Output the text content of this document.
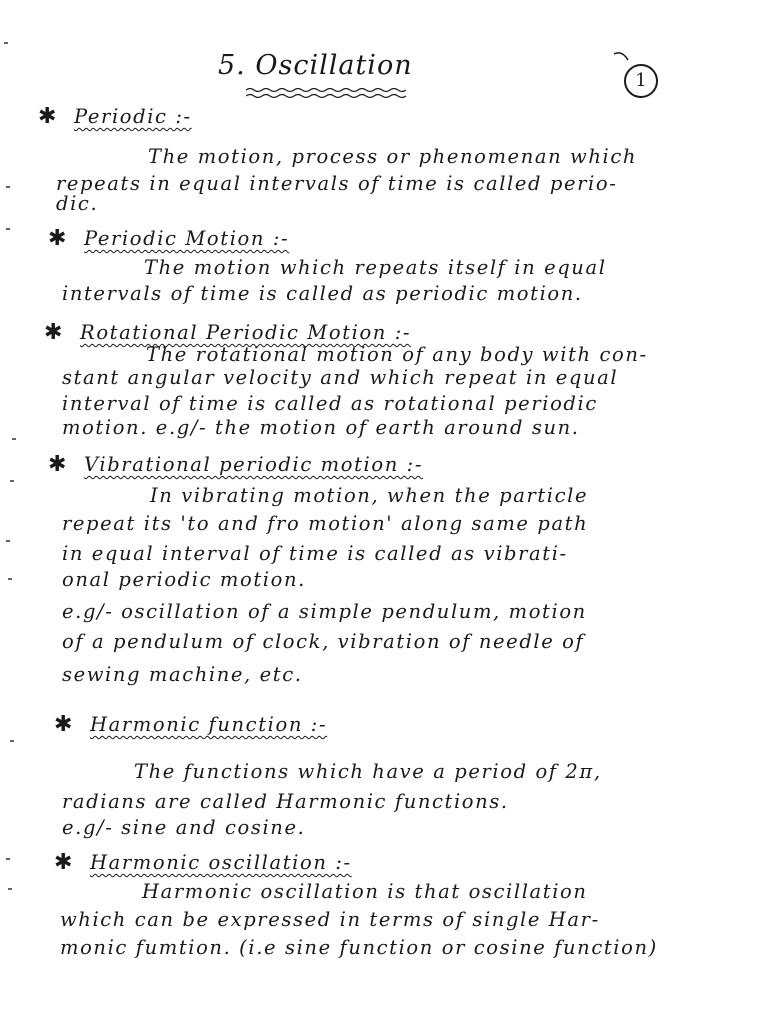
5. Oscillation	1
✱ Periodic :-
The motion, process or phenomenan which
repeats in equal intervals of time is called perio-
dic.
✱ Periodic Motion :-
The motion which repeats itself in equal
intervals of time is called as periodic motion.
✱ Rotational Periodic Motion :-
The rotational motion of any body with con-
stant angular velocity and which repeat in equal
interval of time is called as rotational periodic
motion. e.g/- the motion of earth around sun.
✱ Vibrational periodic motion :-
In vibrating motion, when the particle
repeat its 'to and fro motion' along same path
in equal interval of time is called as vibrati-
onal periodic motion.
e.g/- oscillation of a simple pendulum, motion
of a pendulum of clock, vibration of needle of
sewing machine, etc.
✱ Harmonic function :-
The functions which have a period of 2π,
radians are called Harmonic functions.
e.g/- sine and cosine.
✱ Harmonic oscillation :-
Harmonic oscillation is that oscillation
which can be expressed in terms of single Har-
monic fumtion. (i.e sine function or cosine function)
